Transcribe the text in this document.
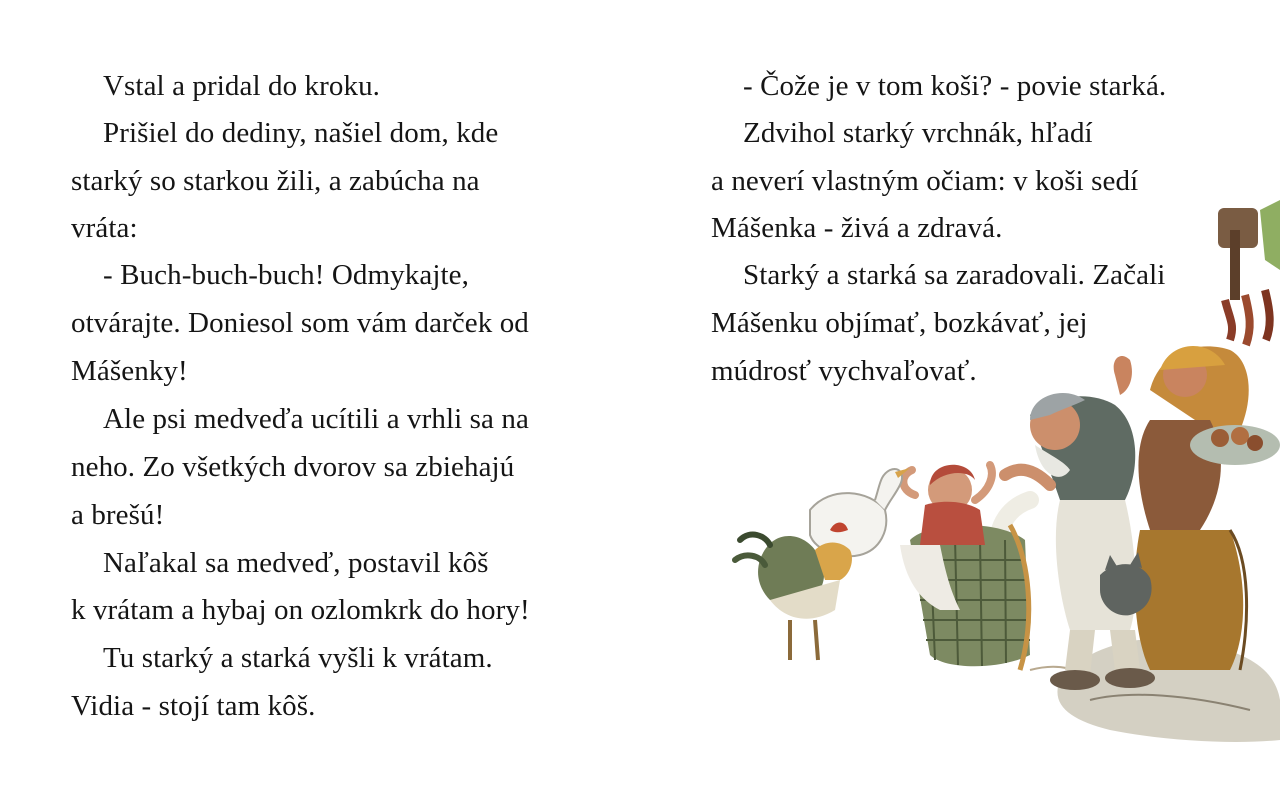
Vstal a pridal do kroku.
Prišiel do dediny, našiel dom, kde
starký so starkou žili, a zabúcha na
vráta:
- Buch-buch-buch! Odmykajte,
otvárajte. Doniesol som vám darček od
Mášenky!
Ale psi medveďa ucítili a vrhli sa na
neho. Zo všetkých dvorov sa zbiehajú
a brešú!
Naľakal sa medveď, postavil kôš
k vrátam a hybaj on ozlomkrk do hory!
Tu starký a starká vyšli k vrátam.
Vidia - stojí tam kôš.
- Čože je v tom koši? - povie starká.
Zdvihol starký vrchnák, hľadí
a neverí vlastným očiam: v koši sedí
Mášenka - živá a zdravá.
Starký a starká sa zaradovali. Začali
Mášenku objímať, bozkávať, jej
múdrosť vychvaľovať.
